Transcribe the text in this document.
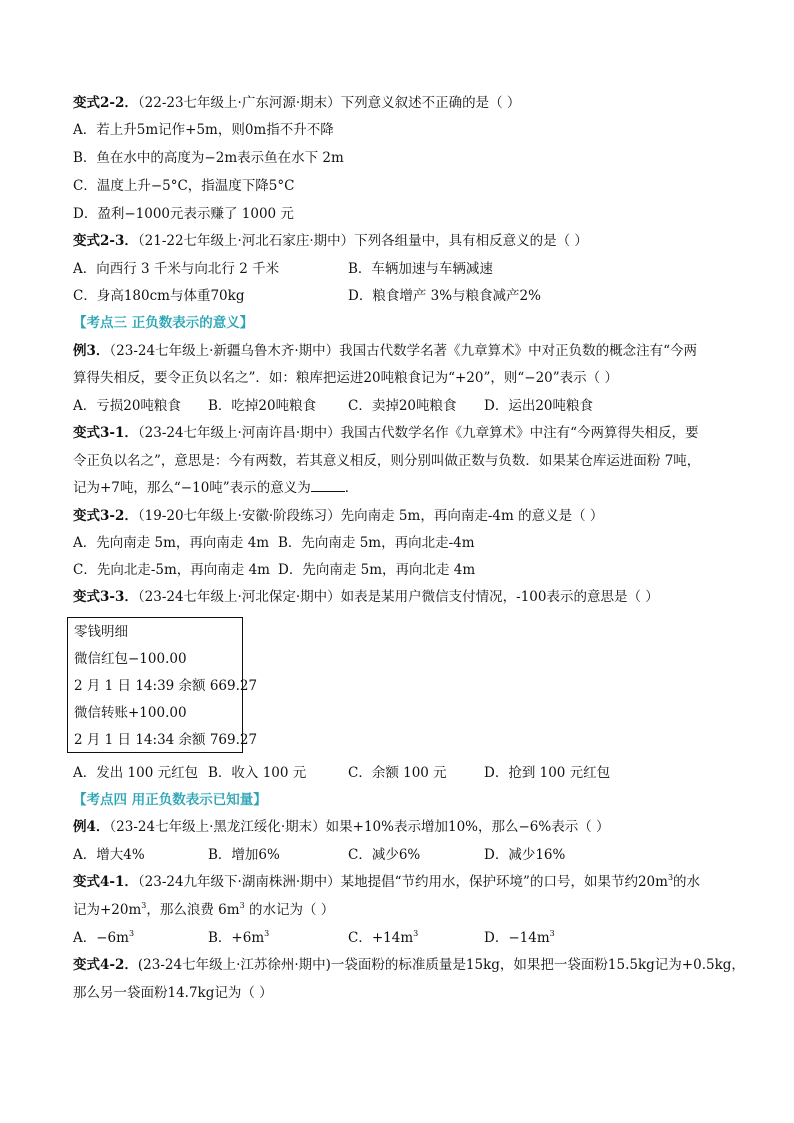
变式2-2．（22-23七年级上·广东河源·期末）下列意义叙述不正确的是（ ）
A．若上升5m记作+5m，则0m指不升不降
B．鱼在水中的高度为−2m表示鱼在水下 2m
C．温度上升−5°C，指温度下降5°C
D．盈利−1000元表示赚了 1000 元
变式2-3．（21-22七年级上·河北石家庄·期中）下列各组量中，具有相反意义的是（ ）
A．向西行 3 千米与向北行 2 千米	B．车辆加速与车辆减速
C．身高180cm与体重70kg	D．粮食增产 3%与粮食减产2%
【考点三 正负数表示的意义】
例3．（23-24七年级上·新疆乌鲁木齐·期中）我国古代数学名著《九章算术》中对正负数的概念注有“今两
算得失相反，要令正负以名之”．如：粮库把运进20吨粮食记为“+20”，则“−20”表示（ ）
A．亏损20吨粮食 B．吃掉20吨粮食 C．卖掉20吨粮食 D．运出20吨粮食
变式3-1．（23-24七年级上·河南许昌·期中）我国古代数学名作《九章算术》中注有“今两算得失相反，要
令正负以名之”，意思是：今有两数，若其意义相反，则分别叫做正数与负数．如果某仓库运进面粉 7吨，
记为+7吨，那么“−10吨”表示的意义为	．
变式3-2．（19-20七年级上·安徽·阶段练习）先向南走 5m，再向南走-4m 的意义是（ ）
A．先向南走 5m，再向南走 4m B．先向南走 5m，再向北走-4m
C．先向北走-5m，再向南走 4m D．先向南走 5m，再向北走 4m
变式3-3．（23-24七年级上·河北保定·期中）如表是某用户微信支付情况，-100表示的意思是（ ）
零钱明细
微信红包−100.00
2 月 1 日 14:39 余额 669.27
微信转账+100.00
2 月 1 日 14:34 余额 769.27
A．发出 100 元红包 B．收入 100 元	C．余额 100 元	D．抢到 100 元红包
【考点四 用正负数表示已知量】
例4．（23-24七年级上·黑龙江绥化·期末）如果+10%表示增加10%，那么−6%表示（ ）
A．增大4%	B．增加6%	C．减少6%	D．减少16%
变式4-1．（23-24九年级下·湖南株洲·期中）某地提倡“节约用水，保护环境”的口号，如果节约$20m^3$的水
记为$+20m^3$，那么浪费 $6m^3$ 的水记为（ ）
A．$-6m^3$	B．$+6m^3$	C．$+14m^3$	D．$-14m^3$
变式4-2．(23-24七年级上·江苏徐州·期中)一袋面粉的标准质量是15kg，如果把一袋面粉15.5kg记为+0.5kg，
那么另一袋面粉14.7kg记为（ ）
